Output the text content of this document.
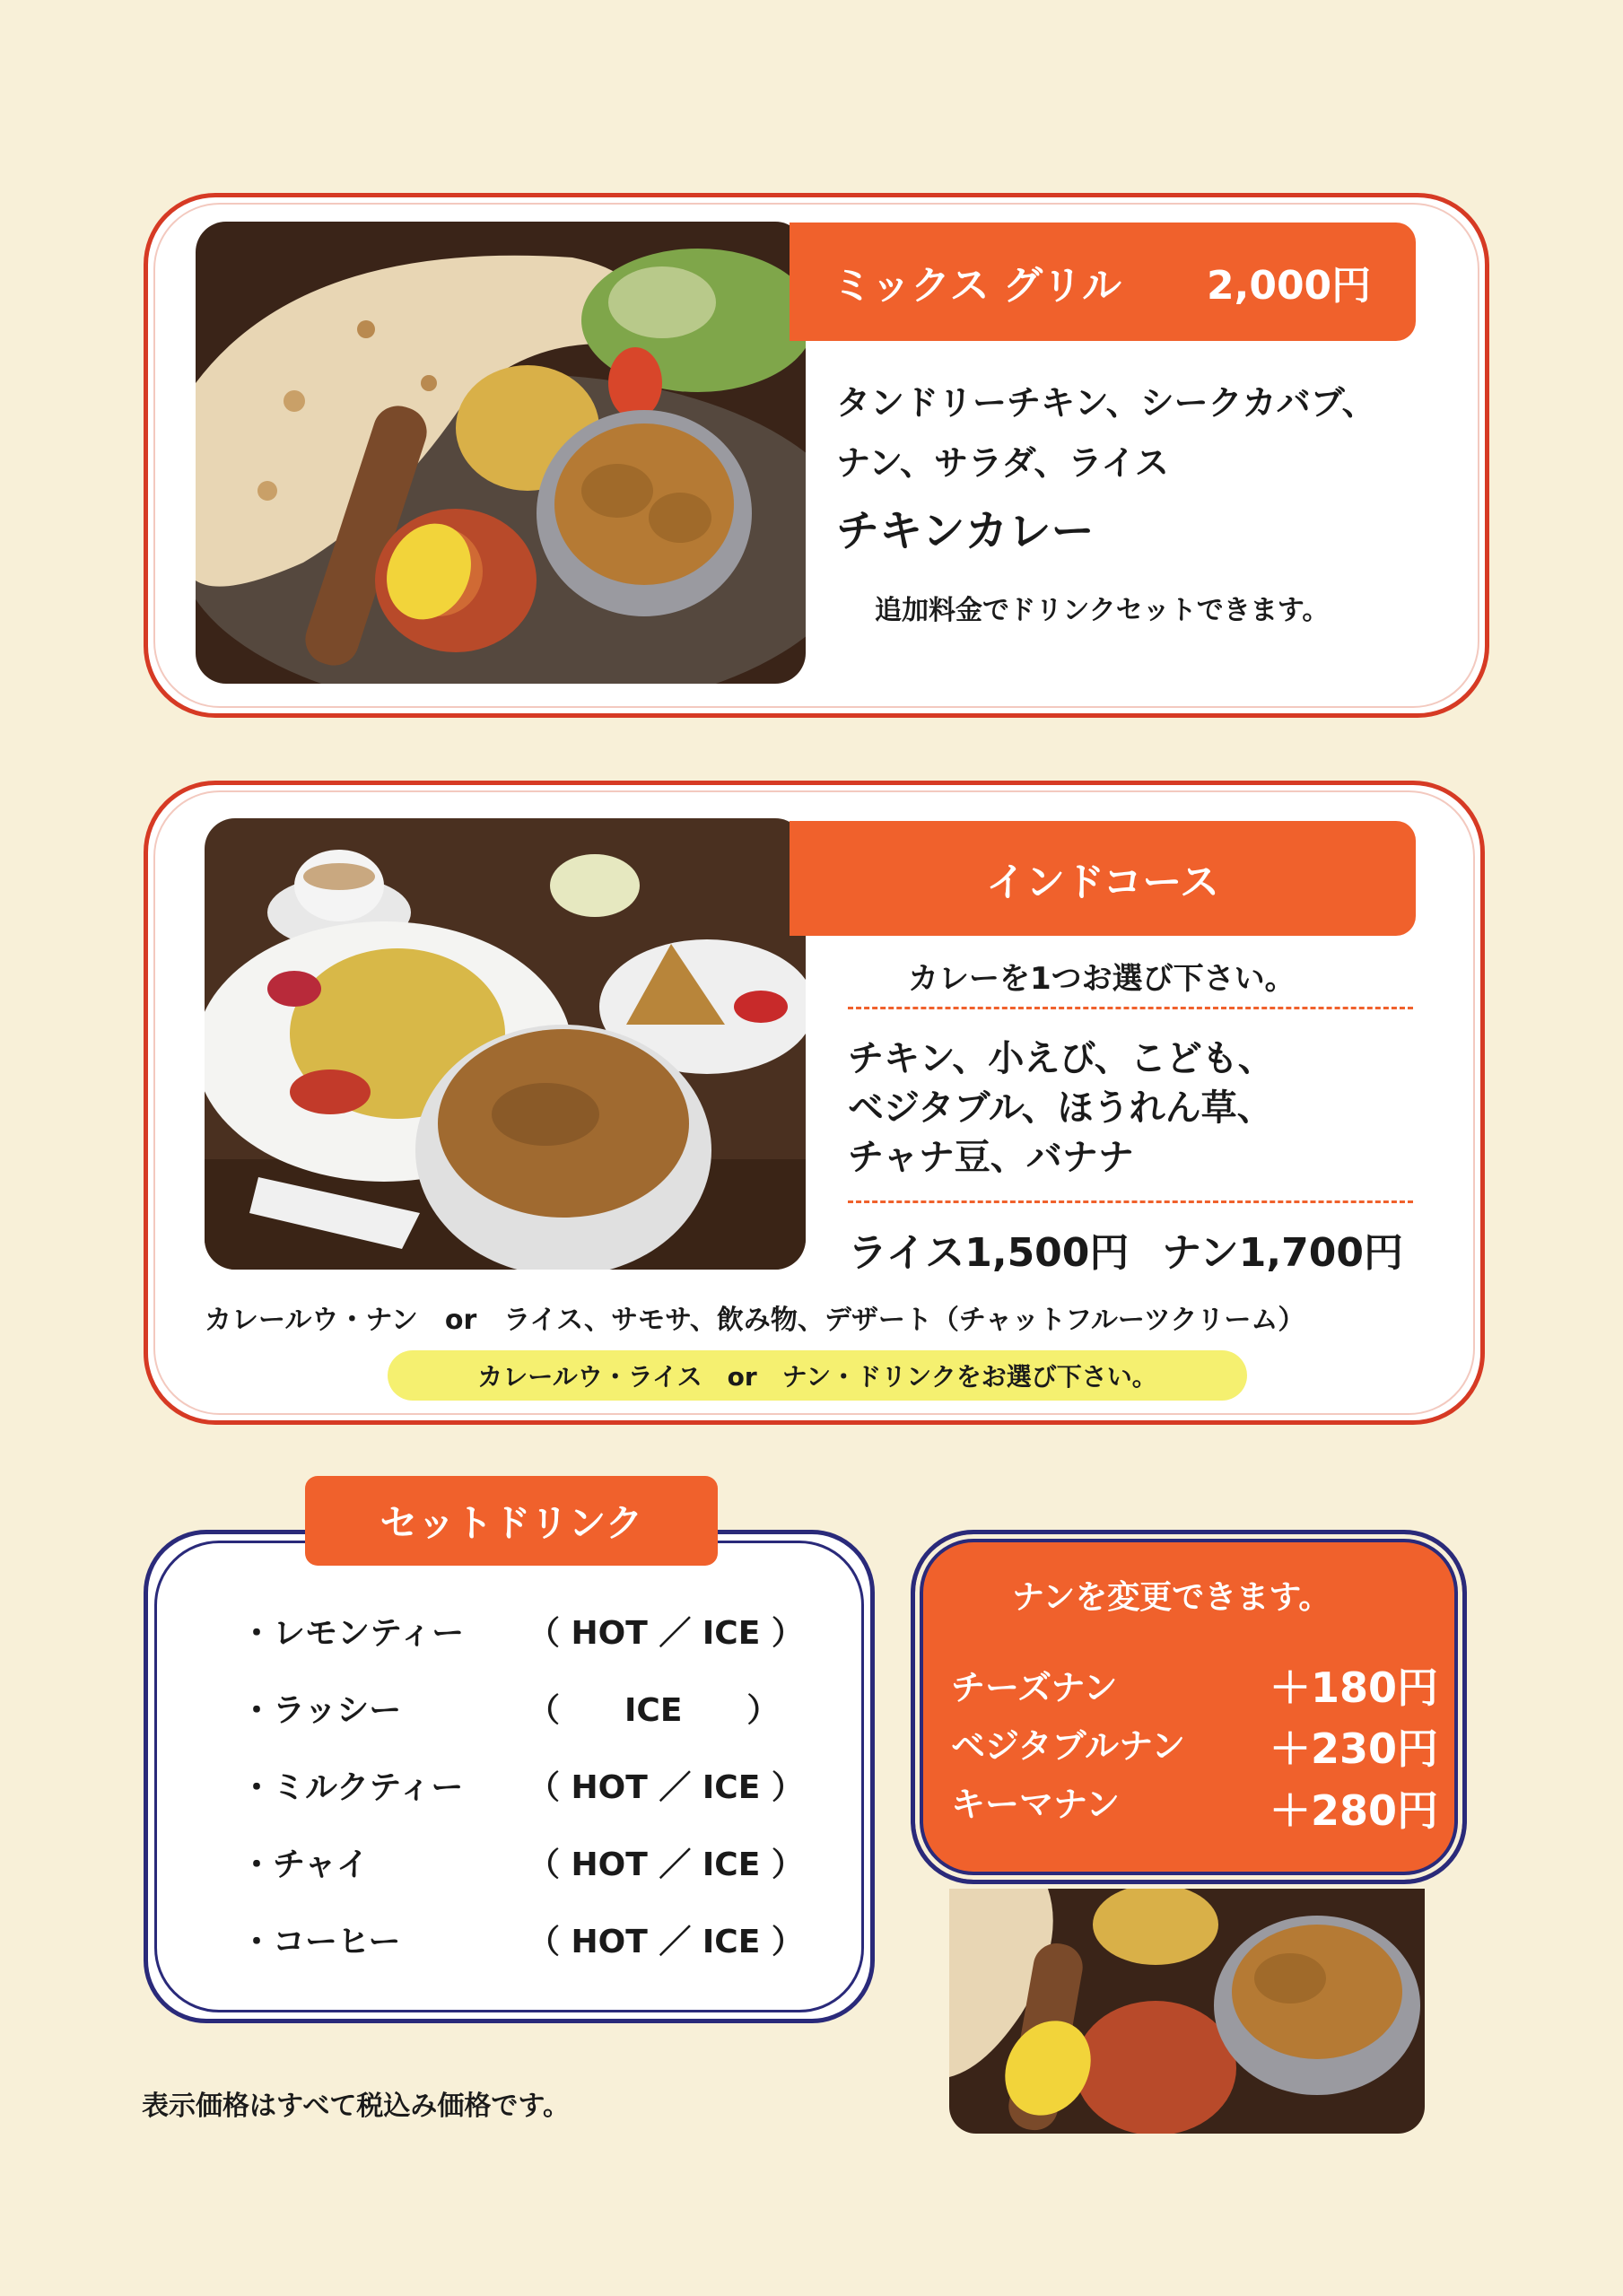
ミックス グリル 2,000円
タンドリーチキン、シークカバブ、
ナン、サラダ、ライス
チキンカレー
追加料金でドリンクセットできます。
インドコース
カレーを1つお選び下さい。
チキン、小えび、こども、
ベジタブル、ほうれん草、
チャナ豆、バナナ
ライス1,500円 ナン1,700円
カレールウ・ナン　or　ライス、サモサ、飲み物、デザート（チャットフルーツクリーム）
カレールウ・ライス　or　ナン・ドリンクをお選び下さい。
セットドリンク
・レモンティー （ HOT ／ ICE ）
・ラッシー	（　　ICE　　）
・ミルクティー （ HOT ／ ICE ）
・チャイ	（ HOT ／ ICE ）
・コーヒー	（ HOT ／ ICE ）
ナンを変更できます。
チーズナン	＋180円
ベジタブルナン ＋230円
キーマナン	＋280円
表示価格はすべて税込み価格です。
